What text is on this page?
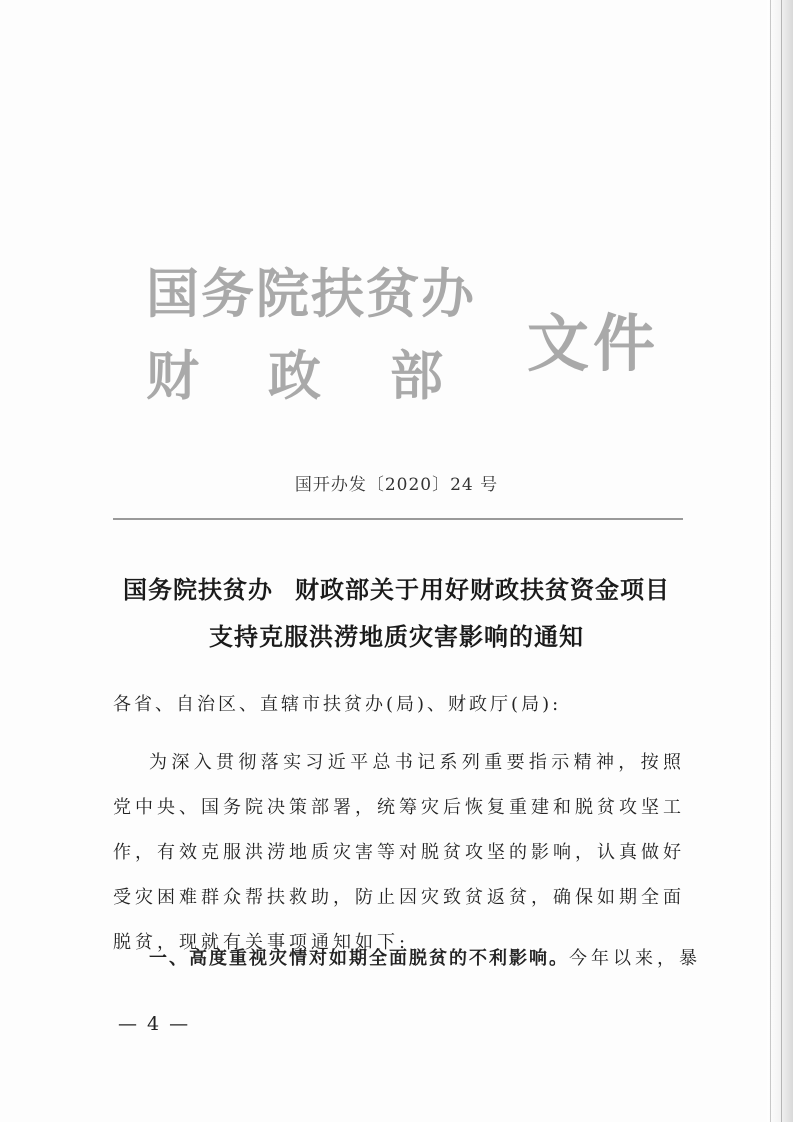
国务院扶贫办
财 政 部 文件
国开办发〔2020〕24 号
国务院扶贫办 财政部关于用好财政扶贫资金项目
支持克服洪涝地质灾害影响的通知
各省、自治区、直辖市扶贫办(局)、财政厅(局):

为深入贯彻落实习近平总书记系列重要指示精神，按照党中央、国务院决策部署，统筹灾后恢复重建和脱贫攻坚工作，有效克服洪涝地质灾害等对脱贫攻坚的影响，认真做好受灾困难群众帮扶救助，防止因灾致贫返贫，确保如期全面脱贫，现就有关事项通知如下:

一、高度重视灾情对如期全面脱贫的不利影响。今年以来，暴

— 4 —
